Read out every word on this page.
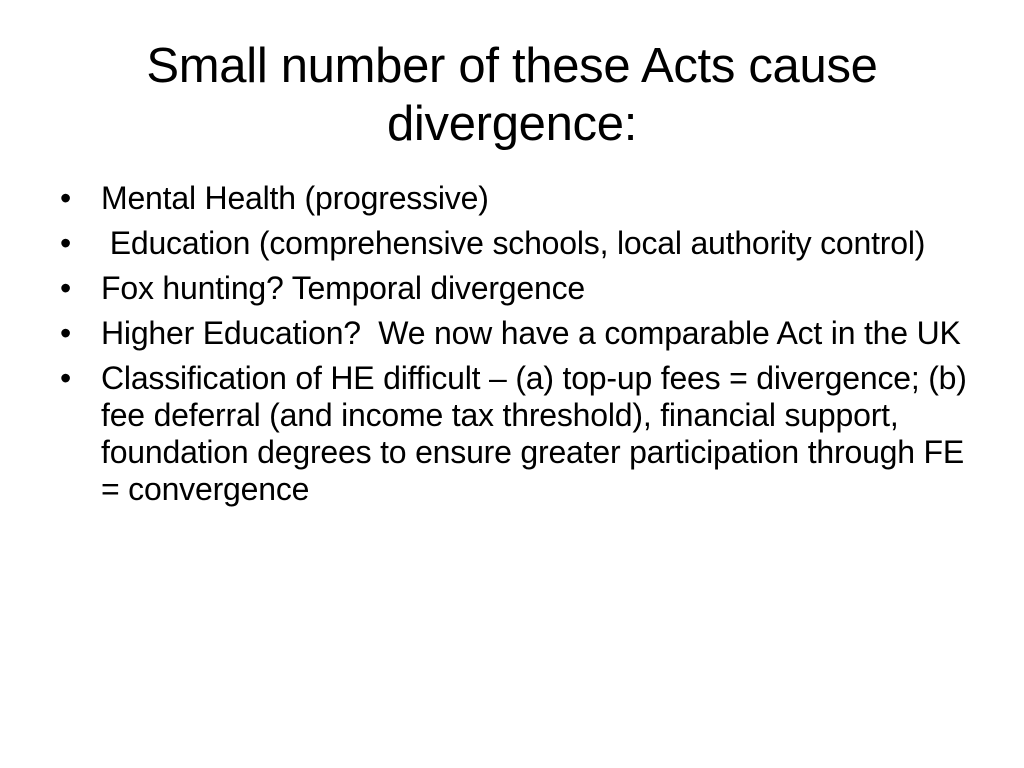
Small number of these Acts cause divergence:
• Mental Health (progressive)
• Education (comprehensive schools, local authority control)
• Fox hunting? Temporal divergence
• Higher Education?  We now have a comparable Act in the UK
• Classification of HE difficult – (a) top-up fees = divergence; (b) fee deferral (and income tax threshold), financial support, foundation degrees to ensure greater participation through FE = convergence
